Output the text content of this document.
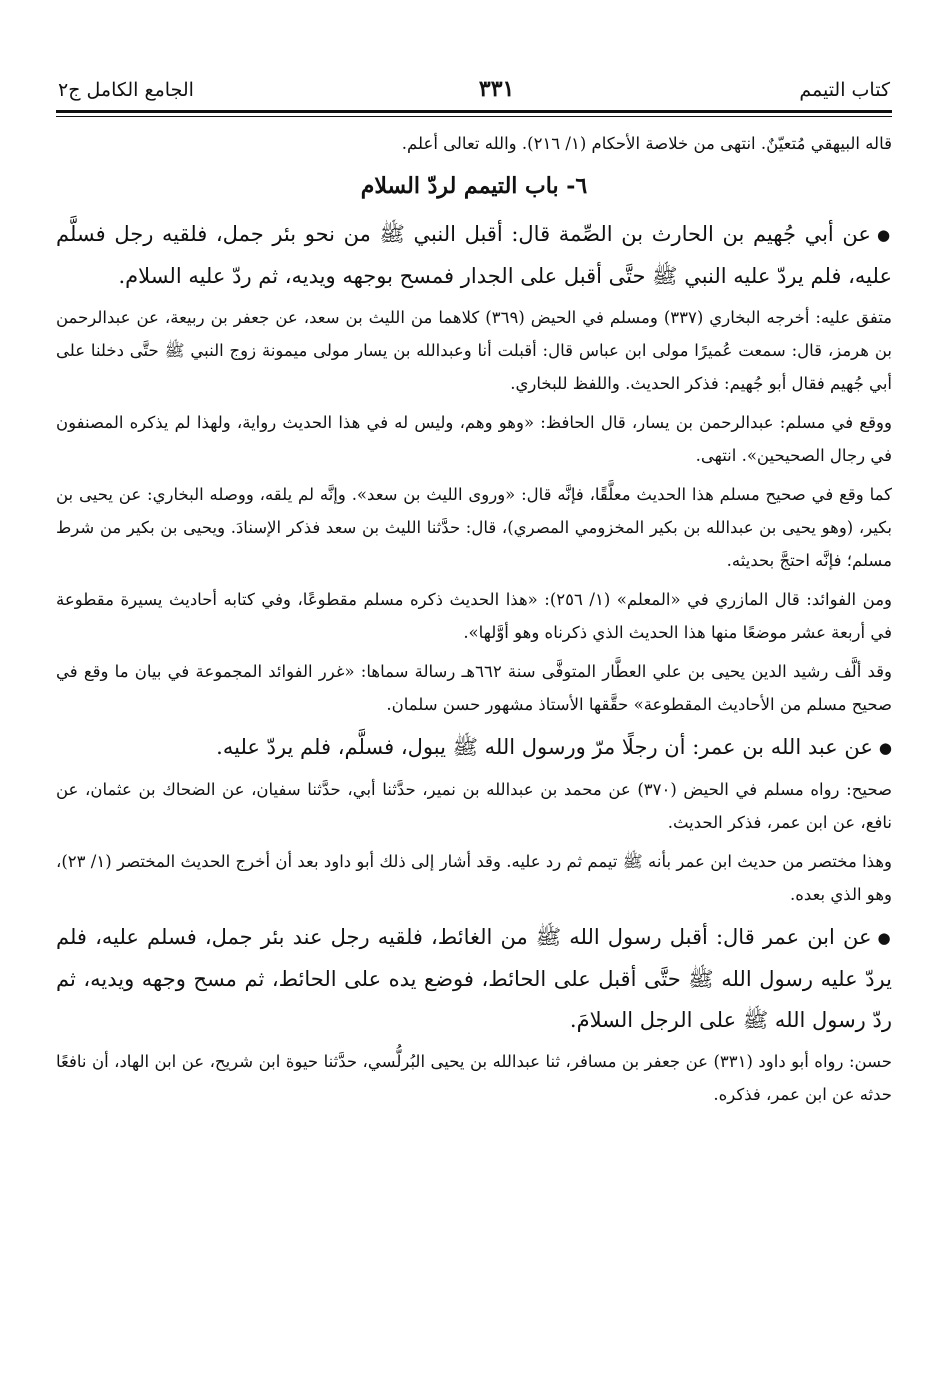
كتاب التيمم
٣٣١
الجامع الكامل ج٢

قاله البيهقي مُتعيّنٌ. انتهى من خلاصة الأحكام (١/ ٢١٦). والله تعالى أعلم.

٦- باب التيمم لردّ السلام

●عن أبي جُهيم بن الحارث بن الصِّمة قال: أقبل النبي ﷺ من نحو بئر جمل، فلقيه رجل فسلَّم عليه، فلم يردّ عليه النبي ﷺ حتَّى أقبل على الجدار فمسح بوجهه ويديه، ثم ردّ عليه السلام.

متفق عليه: أخرجه البخاري (٣٣٧) ومسلم في الحيض (٣٦٩) كلاهما من الليث بن سعد، عن جعفر بن ربيعة، عن عبدالرحمن بن هرمز، قال: سمعت عُميرًا مولى ابن عباس قال: أقبلت أنا وعبدالله بن يسار مولى ميمونة زوج النبي ﷺ حتَّى دخلنا على أبي جُهيم فقال أبو جُهيم: فذكر الحديث. واللفظ للبخاري.

ووقع في مسلم: عبدالرحمن بن يسار، قال الحافظ: «وهو وهم، وليس له في هذا الحديث رواية، ولهذا لم يذكره المصنفون في رجال الصحيحين». انتهى.

كما وقع في صحيح مسلم هذا الحديث معلَّقًا، فإنَّه قال: «وروى الليث بن سعد». وإنَّه لم يلقه، ووصله البخاري: عن يحيى بن بكير، (وهو يحيى بن عبدالله بن بكير المخزومي المصري)، قال: حدَّثنا الليث بن سعد فذكر الإسنادَ. ويحيى بن بكير من شرط مسلم؛ فإنَّه احتجَّ بحديثه.

ومن الفوائد: قال المازري في «المعلم» (١/ ٢٥٦): «هذا الحديث ذكره مسلم مقطوعًا، وفي كتابه أحاديث يسيرة مقطوعة في أربعة عشر موضعًا منها هذا الحديث الذي ذكرناه وهو أوَّلها».

وقد ألَّف رشيد الدين يحيى بن علي العطَّار المتوفَّى سنة ٦٦٢هـ رسالة سماها: «غرر الفوائد المجموعة في بيان ما وقع في صحيح مسلم من الأحاديث المقطوعة» حقَّقها الأستاذ مشهور حسن سلمان.

●عن عبد الله بن عمر: أن رجلًا مرّ ورسول الله ﷺ يبول، فسلَّم، فلم يردّ عليه.

صحيح: رواه مسلم في الحيض (٣٧٠) عن محمد بن عبدالله بن نمير، حدَّثنا أبي، حدَّثنا سفيان، عن الضحاك بن عثمان، عن نافع، عن ابن عمر، فذكر الحديث.

وهذا مختصر من حديث ابن عمر بأنه ﷺ تيمم ثم رد عليه. وقد أشار إلى ذلك أبو داود بعد أن أخرج الحديث المختصر (١/ ٢٣)، وهو الذي بعده.

●عن ابن عمر قال: أقبل رسول الله ﷺ من الغائط، فلقيه رجل عند بئر جمل، فسلم عليه، فلم يردّ عليه رسول الله ﷺ حتَّى أقبل على الحائط، فوضع يده على الحائط، ثم مسح وجهه ويديه، ثم ردّ رسول الله ﷺ على الرجل السلامَ.

حسن: رواه أبو داود (٣٣١) عن جعفر بن مسافر، ثنا عبدالله بن يحيى البُرلُّسي، حدَّثنا حيوة ابن شريح، عن ابن الهاد، أن نافعًا حدثه عن ابن عمر، فذكره.
